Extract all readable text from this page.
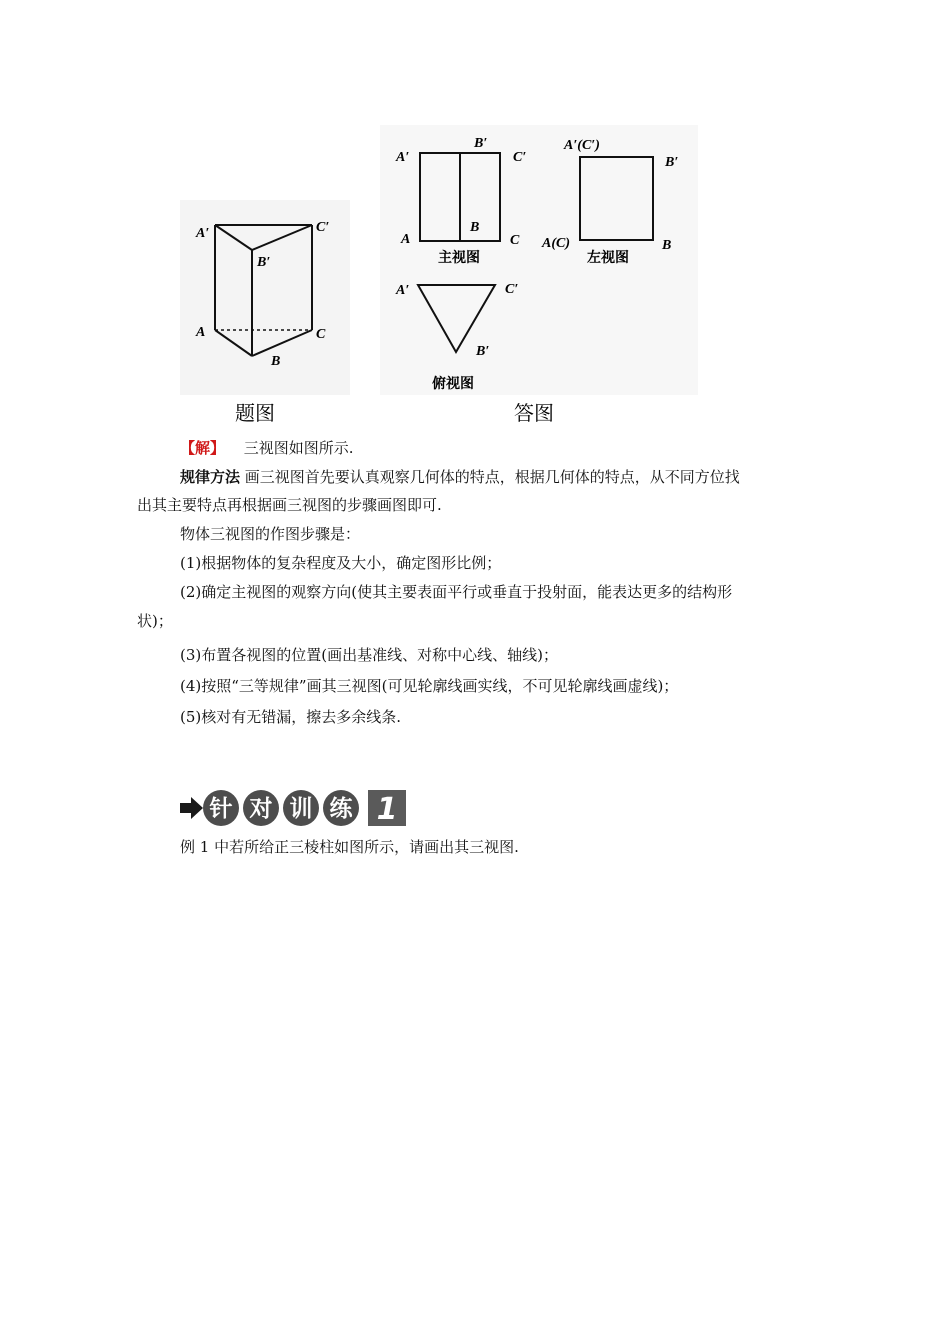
A′	C′
B′
A	C
B
A′
B′
C′
A
B
C
主视图
A′(C′)
B′
A(C)	B
左视图
A′	C′
B′
俯视图
题图	答图
【解】 三视图如图所示.
规律方法 画三视图首先要认真观察几何体的特点，根据几何体的特点，从不同方位找
出其主要特点再根据画三视图的步骤画图即可.
物体三视图的作图步骤是：
(1)根据物体的复杂程度及大小，确定图形比例；
(2)确定主视图的观察方向(使其主要表面平行或垂直于投射面，能表达更多的结构形
状)；
(3)布置各视图的位置(画出基准线、对称中心线、轴线)；
(4)按照“三等规律”画其三视图(可见轮廓线画实线，不可见轮廓线画虚线)；
(5)核对有无错漏，擦去多余线条.
针 对 训 练 1
例 1 中若所给正三棱柱如图所示，请画出其三视图.
